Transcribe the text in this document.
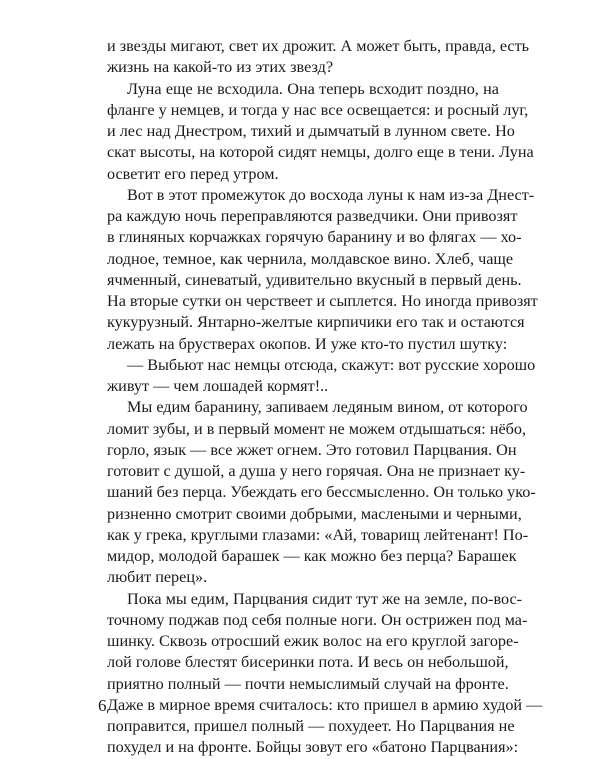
и звезды мигают, свет их дрожит. А может быть, правда, есть
жизнь на какой-то из этих звезд?
Луна еще не всходила. Она теперь всходит поздно, на
фланге у немцев, и тогда у нас все освещается: и росный луг,
и лес над Днестром, тихий и дымчатый в лунном свете. Но
скат высоты, на которой сидят немцы, долго еще в тени. Луна
осветит его перед утром.
Вот в этот промежуток до восхода луны к нам из-за Днест-
ра каждую ночь переправляются разведчики. Они привозят
в глиняных корчажках горячую баранину и во флягах — хо-
лодное, темное, как чернила, молдавское вино. Хлеб, чаще
ячменный, синеватый, удивительно вкусный в первый день.
На вторые сутки он черствеет и сыплется. Но иногда привозят
кукурузный. Янтарно-желтые кирпичики его так и остаются
лежать на брустверах окопов. И уже кто-то пустил шутку:
— Выбьют нас немцы отсюда, скажут: вот русские хорошо
живут — чем лошадей кормят!..
Мы едим баранину, запиваем ледяным вином, от которого
ломит зубы, и в первый момент не можем отдышаться: нёбо,
горло, язык — все жжет огнем. Это готовил Парцвания. Он
готовит с душой, а душа у него горячая. Она не признает ку-
шаний без перца. Убеждать его бессмысленно. Он только уко-
ризненно смотрит своими добрыми, маслеными и черными,
как у грека, круглыми глазами: «Ай, товарищ лейтенант! По-
мидор, молодой барашек — как можно без перца? Барашек
любит перец».
Пока мы едим, Парцвания сидит тут же на земле, по-вос-
точному поджав под себя полные ноги. Он острижен под ма-
шинку. Сквозь отросший ежик волос на его круглой загоре-
лой голове блестят бисеринки пота. И весь он небольшой,
приятно полный — почти немыслимый случай на фронте.
Даже в мирное время считалось: кто пришел в армию худой —
поправится, пришел полный — похудеет. Но Парцвания не
похудел и на фронте. Бойцы зовут его «батоно Парцвания»:
6
